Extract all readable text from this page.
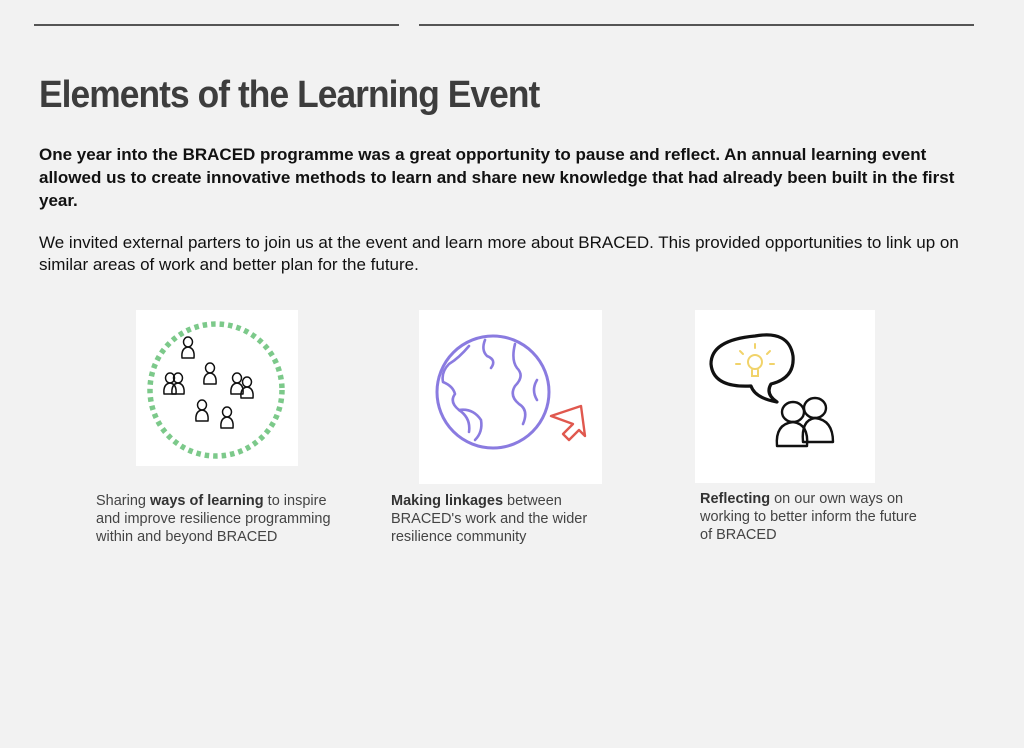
Elements of the Learning Event

One year into the BRACED programme was a great opportunity to pause and reflect. An annual learning event allowed us to create innovative methods to learn and share new knowledge that had already been built in the first year.

We invited external parters to join us at the event and learn more about BRACED. This provided opportunities to link up on similar areas of work and better plan for the future.

Sharing ways of learning to inspire and improve resilience programming within and beyond BRACED

Making linkages between BRACED's work and the wider resilience community

Reflecting on our own ways on working to better inform the future of BRACED
